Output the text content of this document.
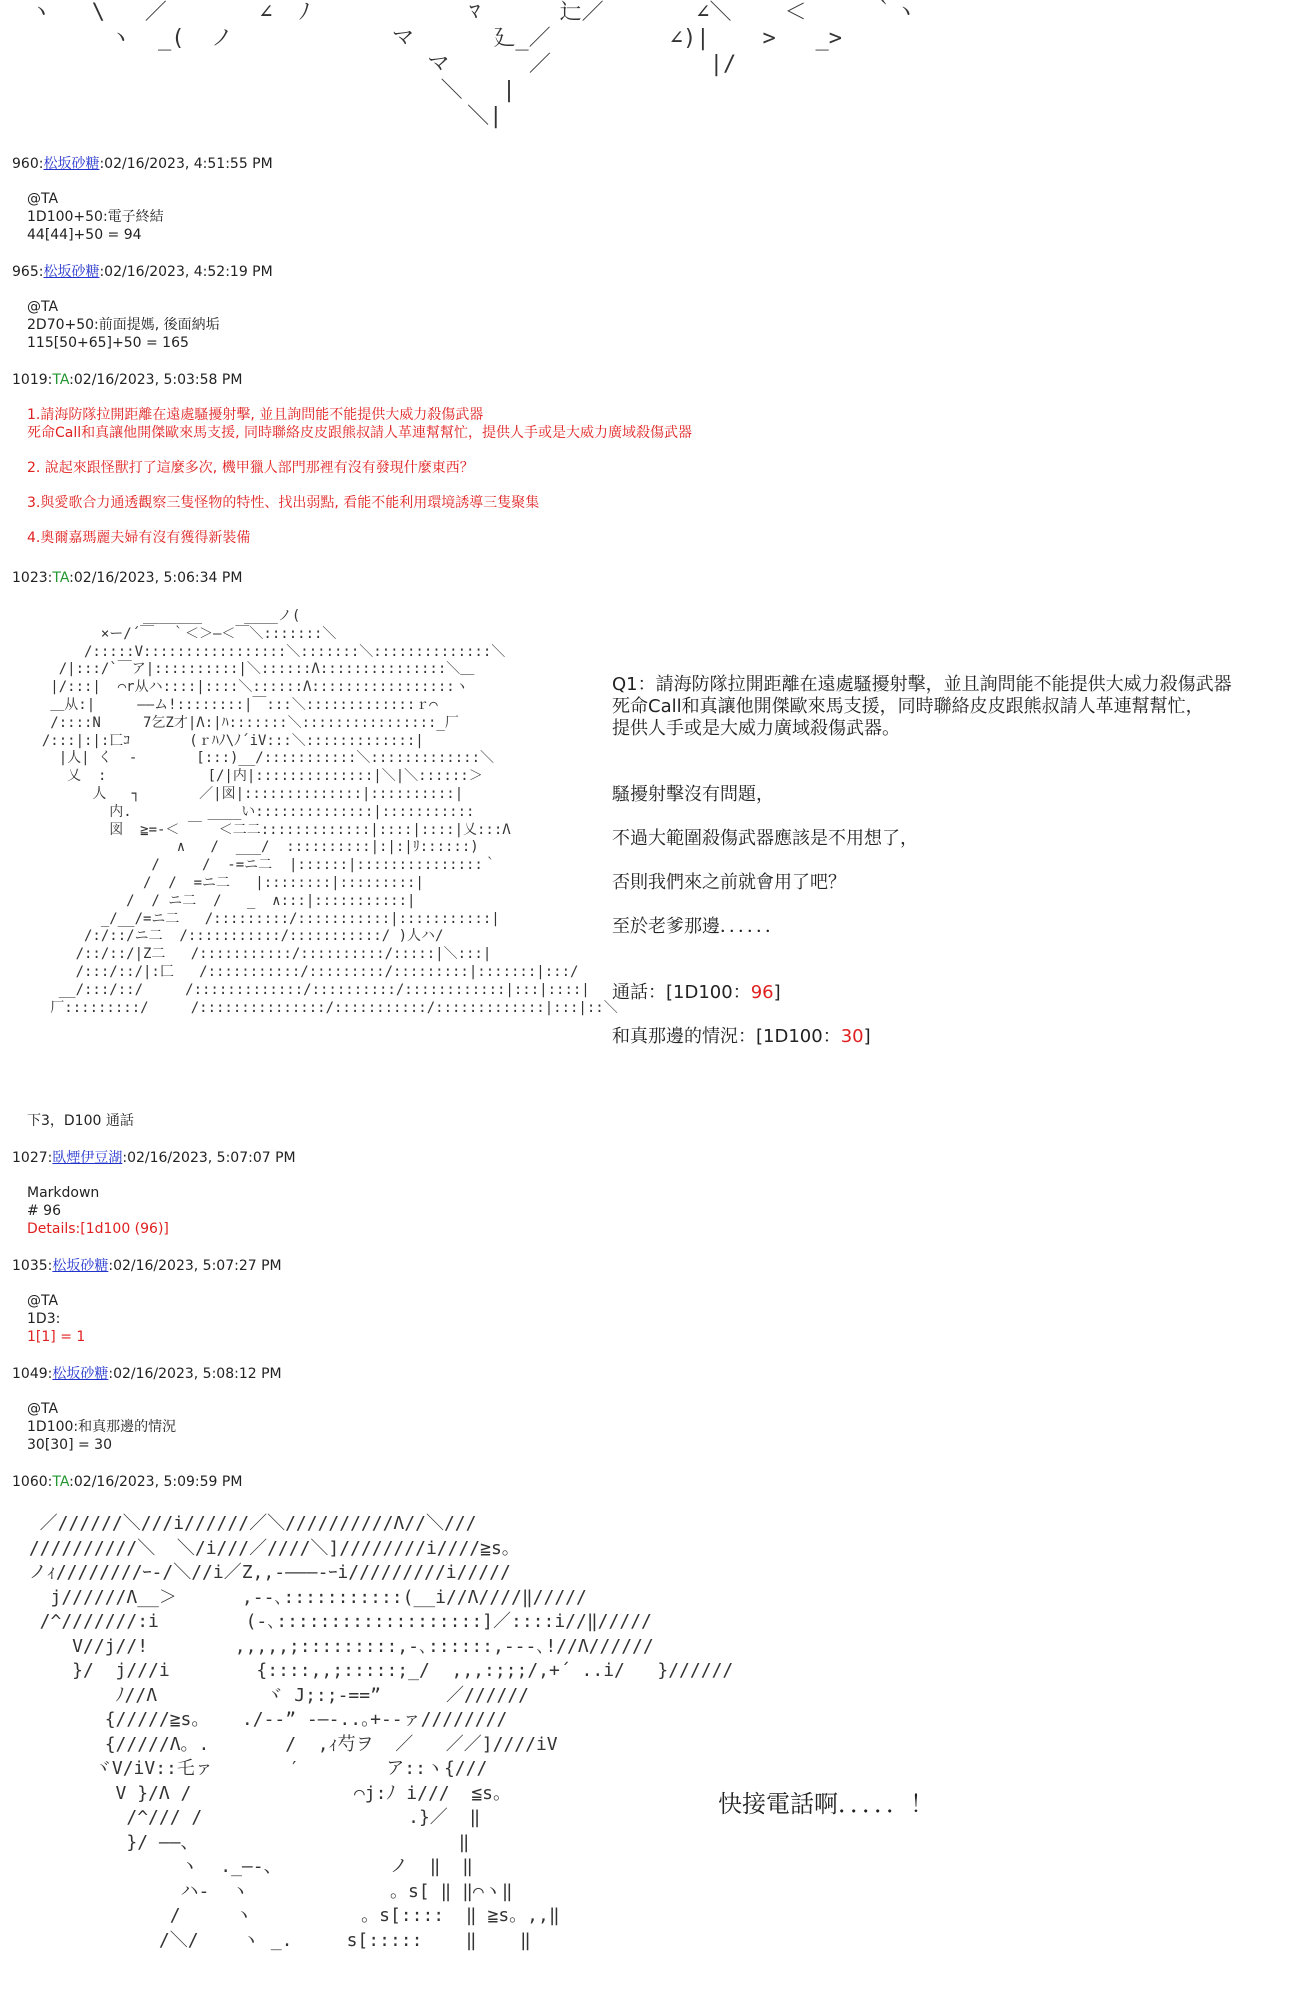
ヽ   \   ／       ∠  ﾉ            ﾏ      辷／       ∠＼    ＜     ｀ヽ
ヽ  _(  ノ            マ      廴_／         ∠)|    >   _>
マ      ／            |/
＼   |
＼|
960:松坂砂糖:02/16/2023, 4:51:55 PM
@TA
1D100+50:電子終結
44[44]+50 = 94
965:松坂砂糖:02/16/2023, 4:52:19 PM
@TA
2D70+50:前面提媽, 後面納垢
115[50+65]+50 = 165
1019:TA:02/16/2023, 5:03:58 PM
1.請海防隊拉開距離在遠處騷擾射擊, 並且詢問能不能提供大威力殺傷武器
死命Call和真讓他開傑歐來馬支援, 同時聯絡皮皮跟熊叔請人革連幫幫忙，提供人手或是大威力廣域殺傷武器
2. 說起來跟怪獸打了這麼多次, 機甲獵人部門那裡有沒有發現什麼東西？
3.與愛歌合力通透觀察三隻怪物的特性、找出弱點, 看能不能利用環境誘導三隻聚集
4.奧爾嘉瑪麗夫婦有沒有獲得新裝備
1023:TA:02/16/2023, 5:06:34 PM
1027:臥煙伊豆湖:02/16/2023, 5:07:07 PM
Markdown
# 96
Details:[1d100 (96)]
1035:松坂砂糖:02/16/2023, 5:07:27 PM
@TA
1D3:
1[1] = 1
1049:松坂砂糖:02/16/2023, 5:08:12 PM
@TA
1D100:和真那邊的情況
30[30] = 30
1060:TA:02/16/2023, 5:09:59 PM
_______     ____ノ(
×ー/´￣  ｀＜＞―＜￣＼:::::::＼
/:::::V:::::::::::::::::＼:::::::＼::::::::::::::＼
/|:::/`￣ア|::::::::::|＼::::::Λ:::::::::::::::＼＿
|/:::|  ⌒r从ハ::::|::::＼::::::Λ:::::::::::::::::ヽ
＿从:|     ――ム!::::::::|￣:::＼:::::::::::::ｒ⌒
/::::N     7乞Z才|Λ:|ﾊ:::::::＼::::::::::::::::_厂
/:::|:|:匸ｺ       (ｒﾊﾉ\ﾉ´iV:::＼:::::::::::::|
|人| く  -       [:::)__/:::::::::::＼:::::::::::::＼
乂  :            [/|内|::::::::::::::|＼|＼::::::＞
人   ┐       ／|図|::::::::::::::|::::::::::|
内.         ____い::::::::::::::|:::::::::::
図  ≧=‐＜ ￣  ＜二二:::::::::::::|::::|::::|乂:::Λ
∧   /  ___/  ::::::::::|:|:|ﾘ::::::)
/     /  -=ニ二  |::::::|:::::::::::::::｀
/  /  =ニ二   |::::::::|:::::::::|
/  / ニ二  /   _  ∧:::|:::::::::::|
_/__/=ニ二   /:::::::::/:::::::::::|:::::::::::|
/:/::/ニ二  /:::::::::::/:::::::::::/ )人ハ/
/::/::/|Z二   /:::::::::::/::::::::::/:::::|＼:::|
/:::/::/|:匚   /:::::::::::/:::::::::/:::::::::|:::::::|:::/
__/:::/::/     /:::::::::::::/::::::::::/::::::::::::|:::|::::|
厂:::::::::/     /:::::::::::::::/:::::::::::/:::::::::::::|:::|::＼
Q1：請海防隊拉開距離在遠處騷擾射擊，並且詢問能不能提供大威力殺傷武器
死命Call和真讓他開傑歐來馬支援，同時聯絡皮皮跟熊叔請人革連幫幫忙，
提供人手或是大威力廣域殺傷武器。
騷擾射擊沒有問題，
不過大範圍殺傷武器應該是不用想了，
否則我們來之前就會用了吧？
至於老爹那邊．．．．．．
通話：[1D100：96]
和真那邊的情況：[1D100：30]
下3，D100 通話
／//////＼///i//////／＼//////////Λ//＼///
//////////＼  ＼/i///／////＼]////////i////≧s。
ノｨ////////ｰ‐/＼//i／Z,,-―――-ｰi/////////i/////
j//////Λ__＞      ,-‐､:::::::::::(__i//Λ////‖/////
/^///////:i        (-､:::::::::::::::::::]／::::i//‖/////
V//j//!        ,,,,,;:::::::::,-､::::::,-‐-､!//Λ//////
}/  j///i        {::::,,;:::::;_/  ,,,:;;;/,+´ ..i/   }//////
ﾉ//Λ          ヾ J;:;-==”      ／//////
{/////≧s。   ./-‐” ‐―-..｡+‐‐ァ////////
{/////Λ。.       /  ,ｨ芍ヲ  ／   ／／]////iV
ヾV/iV::乇ァ       ′        ア::ヽ{///
V }/Λ /               ⌒j:ﾉ i///  ≦s。
/^/// /                   .}／  ‖
}/ ――、                        ‖
ヽ  ._―-、          ノ  ‖  ‖
ハ-  ヽ             。s[ ‖ ‖⌒ヽ‖
/     ヽ          。s[::::  ‖ ≧s。,,‖
/＼/    ヽ _.     s[:::::    ‖    ‖
快接電話啊．．．．．！
